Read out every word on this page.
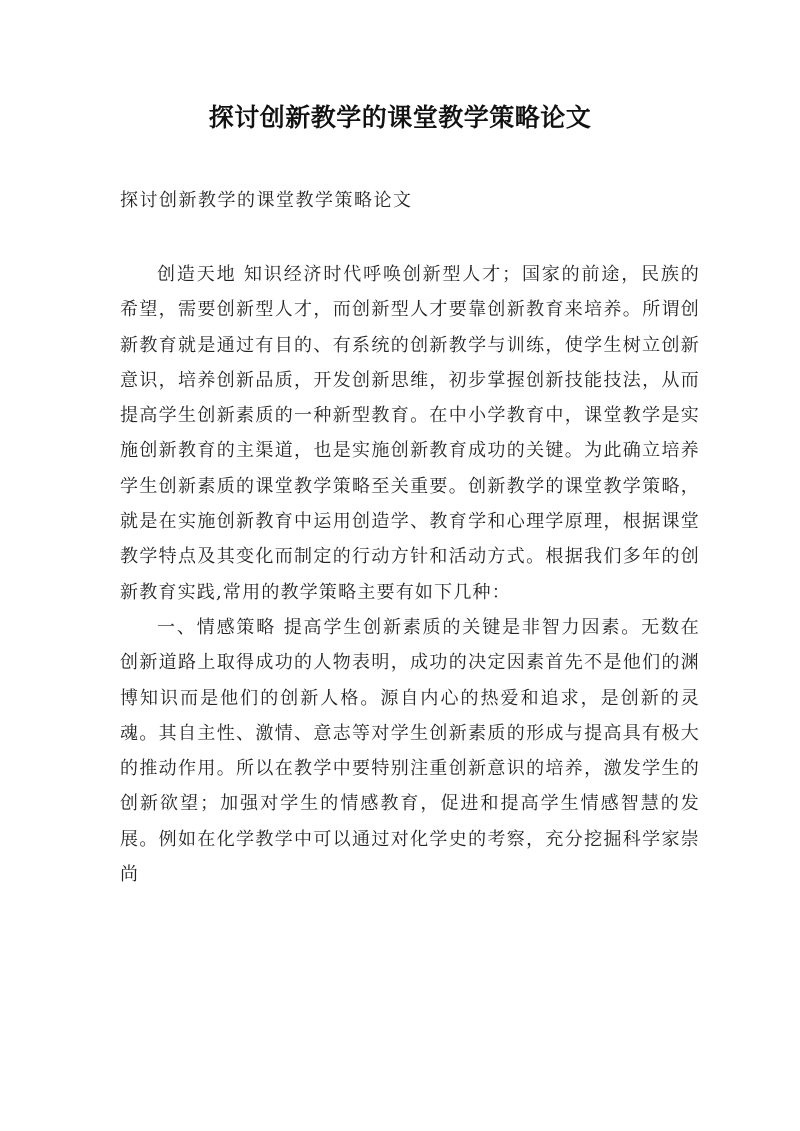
探讨创新教学的课堂教学策略论文

探讨创新教学的课堂教学策略论文

创造天地 知识经济时代呼唤创新型人才；国家的前途，民族的希望，需要创新型人才，而创新型人才要靠创新教育来培养。所谓创新教育就是通过有目的、有系统的创新教学与训练，使学生树立创新意识，培养创新品质，开发创新思维，初步掌握创新技能技法，从而提高学生创新素质的一种新型教育。在中小学教育中，课堂教学是实施创新教育的主渠道，也是实施创新教育成功的关键。为此确立培养学生创新素质的课堂教学策略至关重要。创新教学的课堂教学策略，就是在实施创新教育中运用创造学、教育学和心理学原理，根据课堂教学特点及其变化而制定的行动方针和活动方式。根据我们多年的创新教育实践,常用的教学策略主要有如下几种：

一、情感策略 提高学生创新素质的关键是非智力因素。无数在创新道路上取得成功的人物表明，成功的决定因素首先不是他们的渊博知识而是他们的创新人格。源自内心的热爱和追求，是创新的灵魂。其自主性、激情、意志等对学生创新素质的形成与提高具有极大的推动作用。所以在教学中要特别注重创新意识的培养，激发学生的创新欲望；加强对学生的情感教育，促进和提高学生情感智慧的发展。例如在化学教学中可以通过对化学史的考察，充分挖掘科学家崇尚
